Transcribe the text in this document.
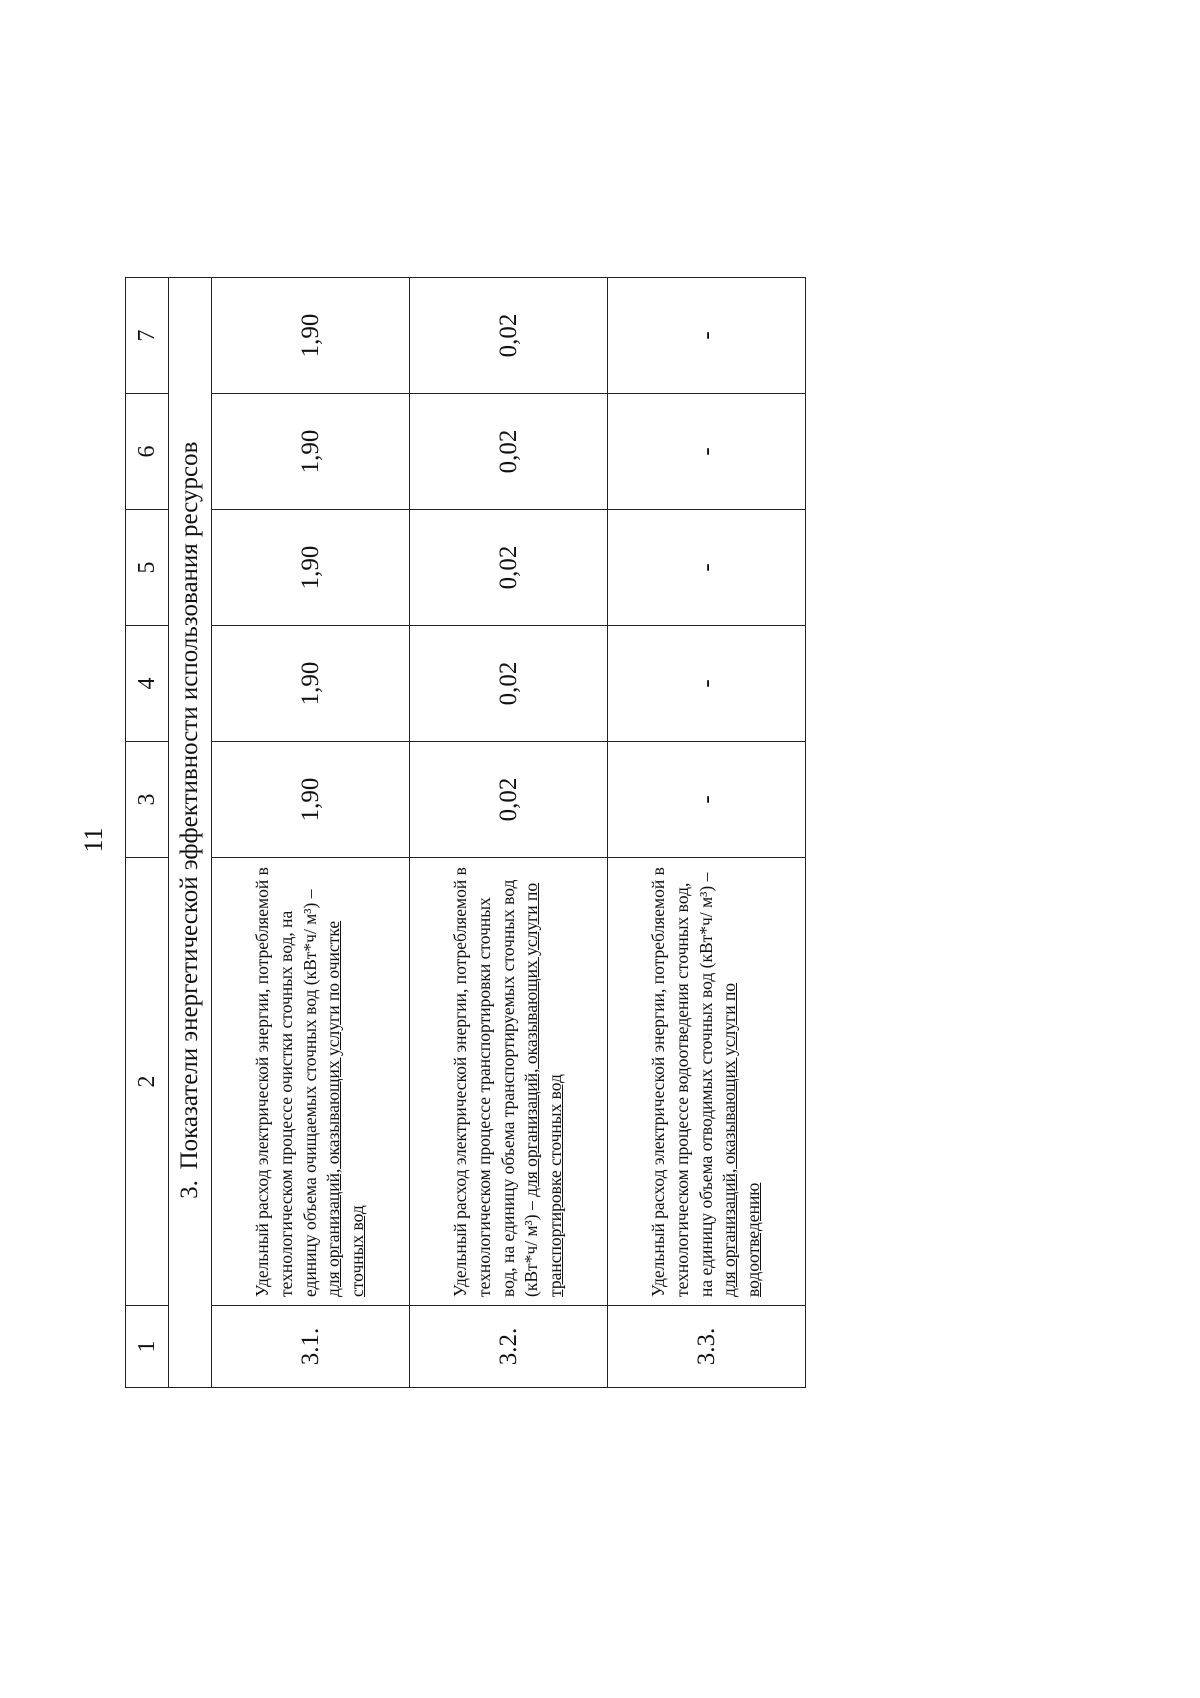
11
1	2	3	4	5	6	7
3.Показатели энергетической эффективности использования ресурсов						
3.1.	Удельный расход электрической энергии, потребляемой в технологическом процессе очистки сточных вод, на единицу объема очищаемых сточных вод (кВт*ч/ м³) – для организаций, оказывающих услуги по очистке сточных вод	1,90	1,90	1,90	1,90	1,90
3.2.	Удельный расход электрической энергии, потребляемой в технологическом процессе транспортировки сточных вод, на единицу объема транспортируемых сточных вод (кВт*ч/ м³) – для организаций, оказывающих услуги по транспортировке сточных вод	0,02	0,02	0,02	0,02	0,02
3.3.	Удельный расход электрической энергии, потребляемой в технологическом процессе водоотведения сточных вод, на единицу объема отводимых сточных вод (кВт*ч/ м³) – для организаций, оказывающих услуги по водоотведению	-	-	-	-	-
